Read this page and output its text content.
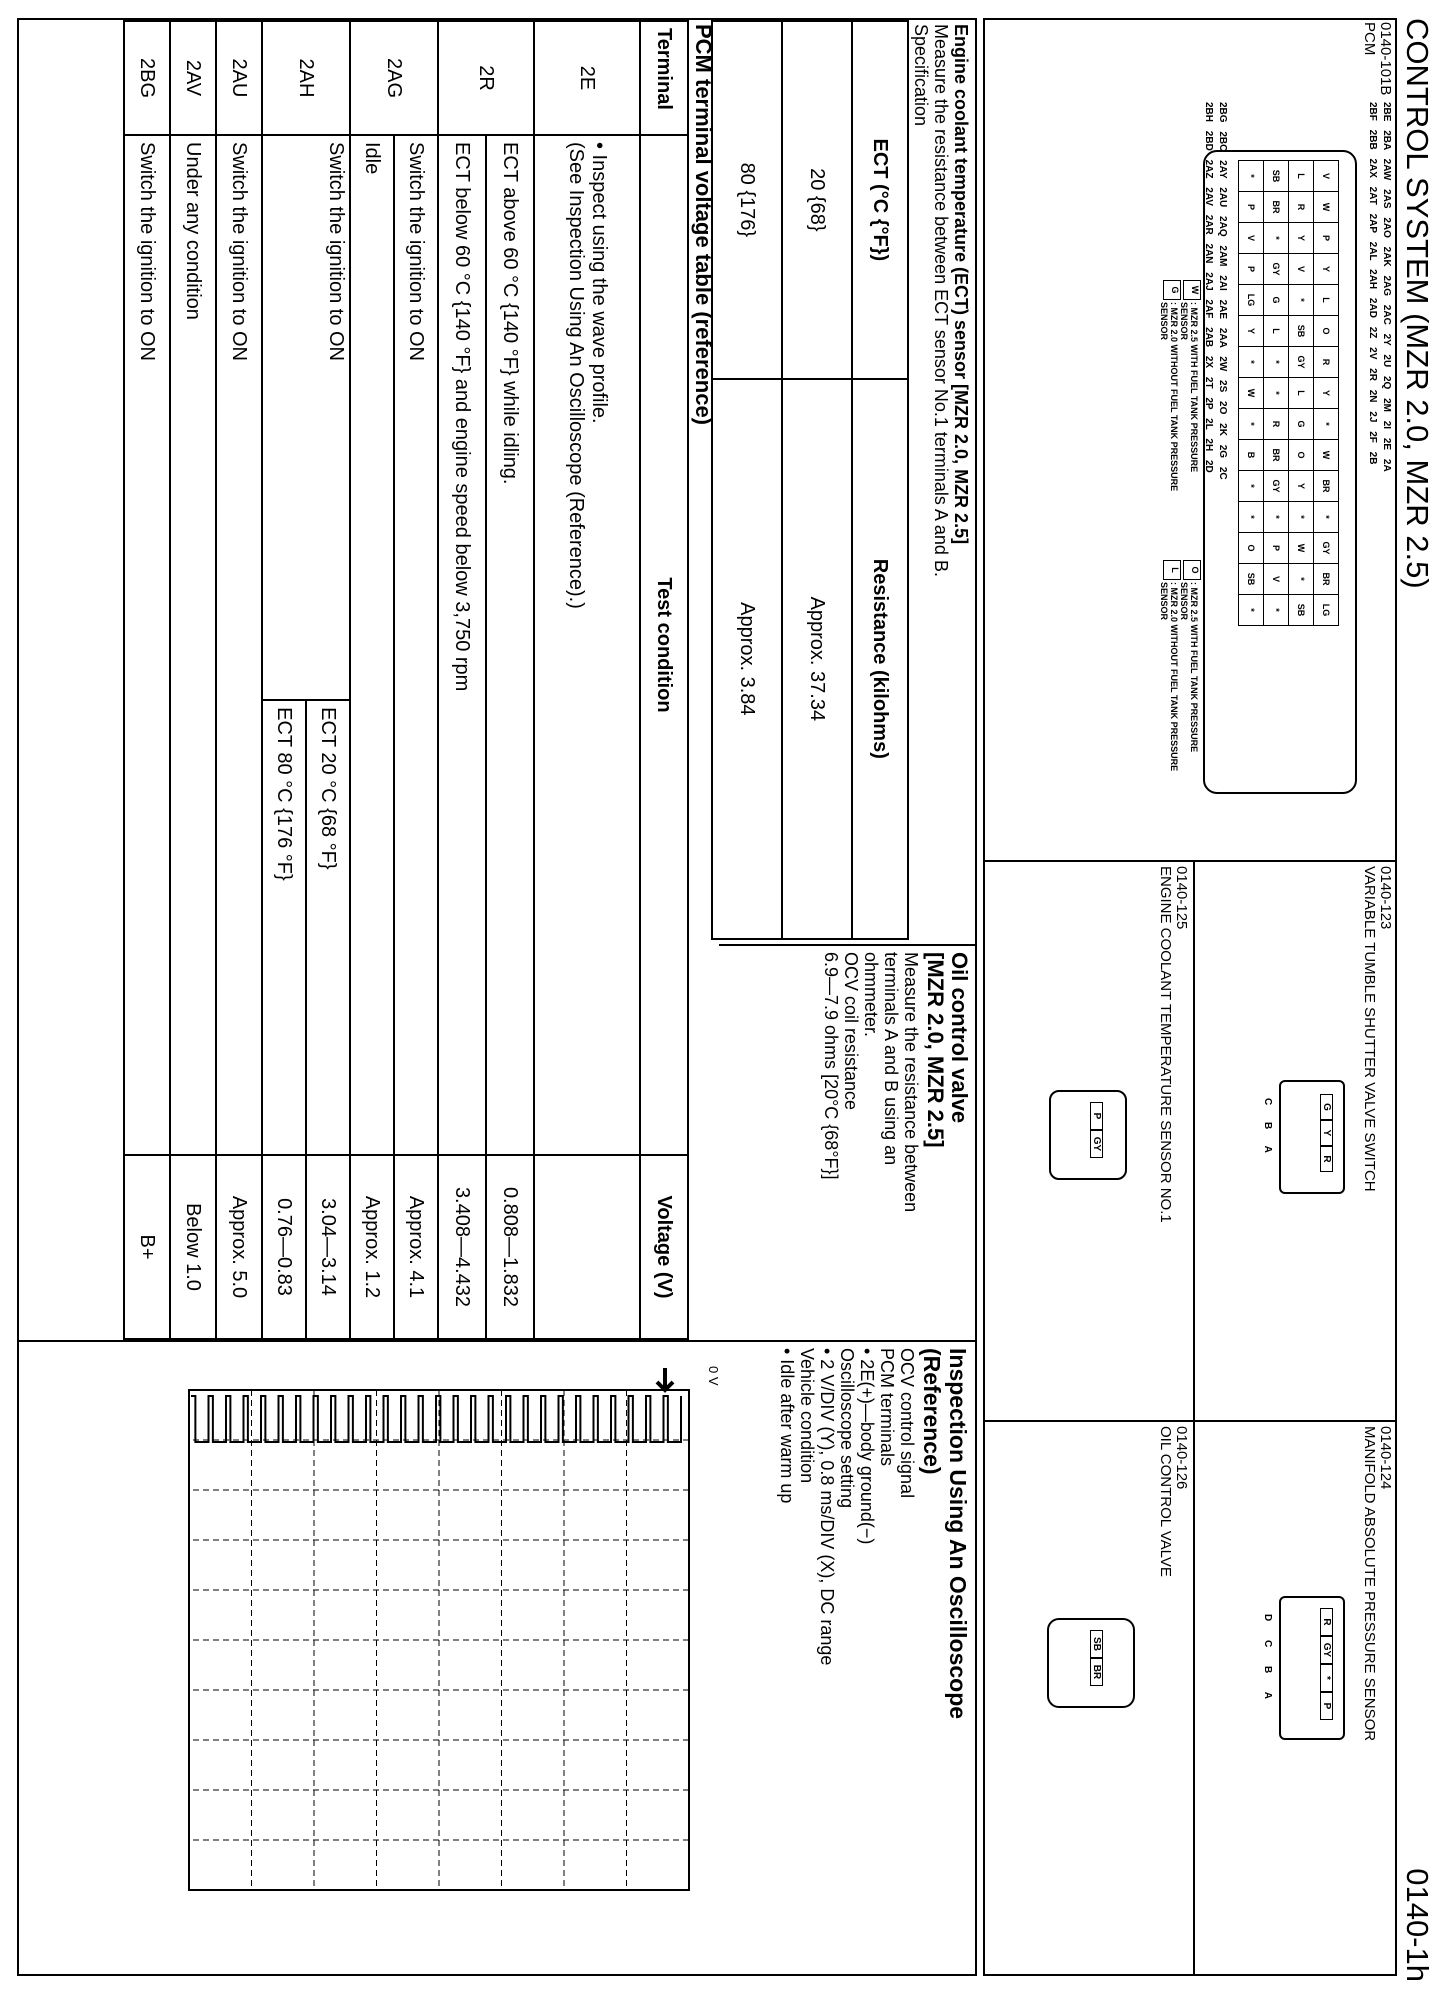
CONTROL SYSTEM (MZR 2.0, MZR 2.5)
0140-1h
0140-101B
PCM
2BE 2BA 2AW 2AS 2AO 2AK 2AG 2AC 2Y 2U 2Q 2M 2I 2E 2A
2BF 2BB 2AX 2AT 2AP 2AL 2AH 2AD 2Z 2V 2R 2N 2J 2F 2B
V	W	P	Y	L	O	R	Y	*	W	BR	*	GY	BR	LG
L	R	Y	V	*	SB	GY	L	G	O	Y	*	W	*	SB
SB	BR	*	GY	G	L	*	*	R	BR	GY	*	P	V	*
*	P	V	P	LG	Y	*	W	*	B	*	*	O	SB	*
2BG 2BC 2AY 2AU 2AQ 2AM 2AI 2AE 2AA 2W 2S 2O 2K 2G 2C
2BH 2BD 2AZ 2AV 2AR 2AN 2AJ 2AF 2AB 2X 2T 2P 2L 2H 2D
W
: MZR 2.5 WITH FUEL TANK PRESSURE SENSOR
G
: MZR 2.0 WITHOUT FUEL TANK PRESSURE SENSOR
O
: MZR 2.5 WITH FUEL TANK PRESSURE SENSOR
L
: MZR 2.0 WITHOUT FUEL TANK PRESSURE SENSOR
0140-123
VARIABLE TUMBLE SHUTTER VALVE SWITCH
GYR
C B A
0140-124
MANIFOLD ABSOLUTE PRESSURE SENSOR
RGY*P
D C B A
0140-125
ENGINE COOLANT TEMPERATURE SENSOR NO.1
PGY
0140-126
OIL CONTROL VALVE
SBBR
Engine coolant temperature (ECT) sensor [MZR 2.0, MZR 2.5]
Measure the resistance between ECT sensor No.1 terminals A and B.
Specification
ECT (°C {°F})	Resistance (kilohms)
20 {68}	Approx. 37.34
80 {176}	Approx. 3.84
Oil control valve
[MZR 2.0, MZR 2.5]
Measure the resistance between
terminals A and B using an
ohmmeter.
OCV coil resistance
6.9—7.9 ohms [20°C {68°F}]
Inspection Using An Oscilloscope
(Reference)
OCV control signal
PCM terminals
• 2E(+)—body ground(−)
Oscilloscope setting
• 2 V/DIV (Y), 0.8 ms/DIV (X), DC range
Vehicle condition
• Idle after warm up
0 V
PCM terminal voltage table (reference)
Terminal	Test condition		Voltage (V)
2E	• Inspect using the wave profile.
(See Inspection Using An Oscilloscope (Reference).)		

2R	ECT above 60 °C {140 °F} while idling.		0.808—1.832
	ECT below 60 °C {140 °F} and engine speed below 3,750 rpm		3.408—4.432
2AG	Switch the ignition to ON		Approx. 4.1
	Idle		Approx. 1.2
2AH	Switch the ignition to ON	ECT 20 °C {68 °F}	3.04—3.14
		ECT 80 °C {176 °F}	0.76—0.83
2AU	Switch the ignition to ON		Approx. 5.0
2AV	Under any condition		Below 1.0
2BG	Switch the ignition to ON		B+
